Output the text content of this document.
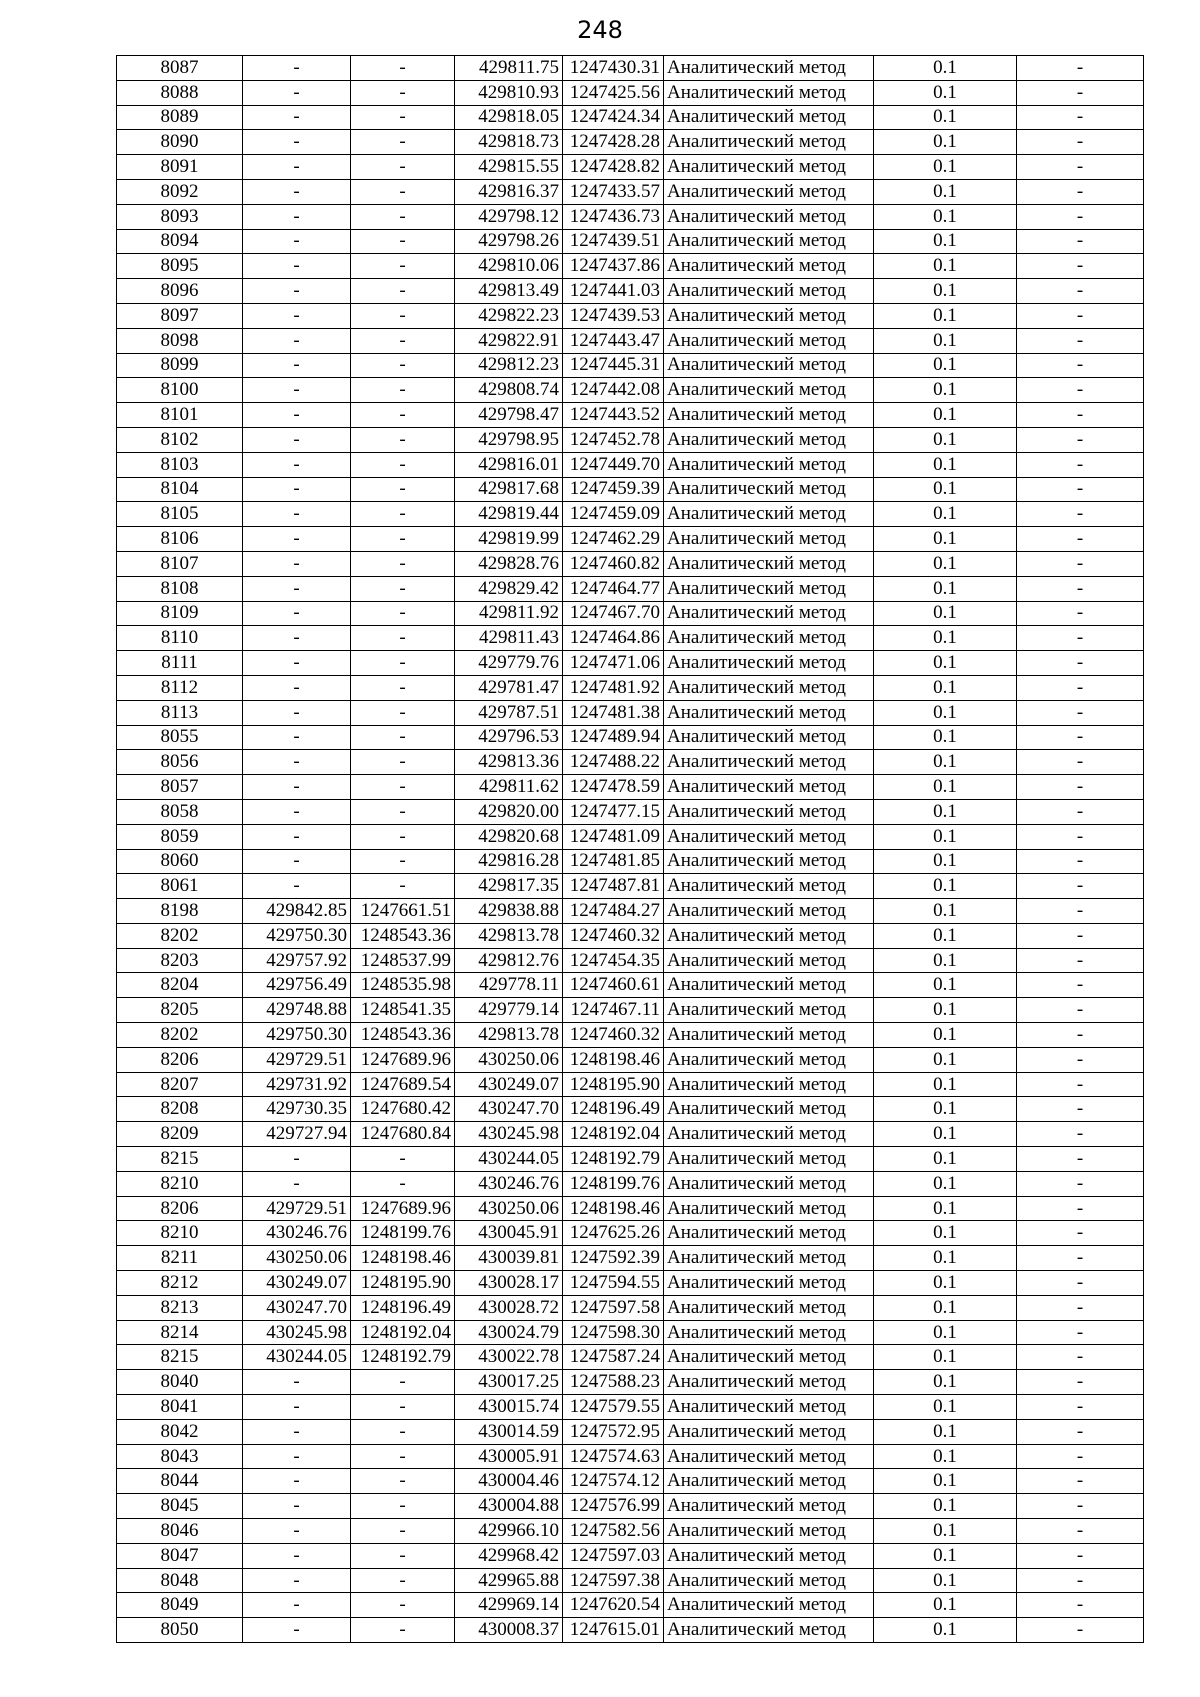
248
8087	-	-	429811.75	1247430.31	Аналитический метод	0.1	-
8088	-	-	429810.93	1247425.56	Аналитический метод	0.1	-
8089	-	-	429818.05	1247424.34	Аналитический метод	0.1	-
8090	-	-	429818.73	1247428.28	Аналитический метод	0.1	-
8091	-	-	429815.55	1247428.82	Аналитический метод	0.1	-
8092	-	-	429816.37	1247433.57	Аналитический метод	0.1	-
8093	-	-	429798.12	1247436.73	Аналитический метод	0.1	-
8094	-	-	429798.26	1247439.51	Аналитический метод	0.1	-
8095	-	-	429810.06	1247437.86	Аналитический метод	0.1	-
8096	-	-	429813.49	1247441.03	Аналитический метод	0.1	-
8097	-	-	429822.23	1247439.53	Аналитический метод	0.1	-
8098	-	-	429822.91	1247443.47	Аналитический метод	0.1	-
8099	-	-	429812.23	1247445.31	Аналитический метод	0.1	-
8100	-	-	429808.74	1247442.08	Аналитический метод	0.1	-
8101	-	-	429798.47	1247443.52	Аналитический метод	0.1	-
8102	-	-	429798.95	1247452.78	Аналитический метод	0.1	-
8103	-	-	429816.01	1247449.70	Аналитический метод	0.1	-
8104	-	-	429817.68	1247459.39	Аналитический метод	0.1	-
8105	-	-	429819.44	1247459.09	Аналитический метод	0.1	-
8106	-	-	429819.99	1247462.29	Аналитический метод	0.1	-
8107	-	-	429828.76	1247460.82	Аналитический метод	0.1	-
8108	-	-	429829.42	1247464.77	Аналитический метод	0.1	-
8109	-	-	429811.92	1247467.70	Аналитический метод	0.1	-
8110	-	-	429811.43	1247464.86	Аналитический метод	0.1	-
8111	-	-	429779.76	1247471.06	Аналитический метод	0.1	-
8112	-	-	429781.47	1247481.92	Аналитический метод	0.1	-
8113	-	-	429787.51	1247481.38	Аналитический метод	0.1	-
8055	-	-	429796.53	1247489.94	Аналитический метод	0.1	-
8056	-	-	429813.36	1247488.22	Аналитический метод	0.1	-
8057	-	-	429811.62	1247478.59	Аналитический метод	0.1	-
8058	-	-	429820.00	1247477.15	Аналитический метод	0.1	-
8059	-	-	429820.68	1247481.09	Аналитический метод	0.1	-
8060	-	-	429816.28	1247481.85	Аналитический метод	0.1	-
8061	-	-	429817.35	1247487.81	Аналитический метод	0.1	-
8198	429842.85	1247661.51	429838.88	1247484.27	Аналитический метод	0.1	-
8202	429750.30	1248543.36	429813.78	1247460.32	Аналитический метод	0.1	-
8203	429757.92	1248537.99	429812.76	1247454.35	Аналитический метод	0.1	-
8204	429756.49	1248535.98	429778.11	1247460.61	Аналитический метод	0.1	-
8205	429748.88	1248541.35	429779.14	1247467.11	Аналитический метод	0.1	-
8202	429750.30	1248543.36	429813.78	1247460.32	Аналитический метод	0.1	-
8206	429729.51	1247689.96	430250.06	1248198.46	Аналитический метод	0.1	-
8207	429731.92	1247689.54	430249.07	1248195.90	Аналитический метод	0.1	-
8208	429730.35	1247680.42	430247.70	1248196.49	Аналитический метод	0.1	-
8209	429727.94	1247680.84	430245.98	1248192.04	Аналитический метод	0.1	-
8215	-	-	430244.05	1248192.79	Аналитический метод	0.1	-
8210	-	-	430246.76	1248199.76	Аналитический метод	0.1	-
8206	429729.51	1247689.96	430250.06	1248198.46	Аналитический метод	0.1	-
8210	430246.76	1248199.76	430045.91	1247625.26	Аналитический метод	0.1	-
8211	430250.06	1248198.46	430039.81	1247592.39	Аналитический метод	0.1	-
8212	430249.07	1248195.90	430028.17	1247594.55	Аналитический метод	0.1	-
8213	430247.70	1248196.49	430028.72	1247597.58	Аналитический метод	0.1	-
8214	430245.98	1248192.04	430024.79	1247598.30	Аналитический метод	0.1	-
8215	430244.05	1248192.79	430022.78	1247587.24	Аналитический метод	0.1	-
8040	-	-	430017.25	1247588.23	Аналитический метод	0.1	-
8041	-	-	430015.74	1247579.55	Аналитический метод	0.1	-
8042	-	-	430014.59	1247572.95	Аналитический метод	0.1	-
8043	-	-	430005.91	1247574.63	Аналитический метод	0.1	-
8044	-	-	430004.46	1247574.12	Аналитический метод	0.1	-
8045	-	-	430004.88	1247576.99	Аналитический метод	0.1	-
8046	-	-	429966.10	1247582.56	Аналитический метод	0.1	-
8047	-	-	429968.42	1247597.03	Аналитический метод	0.1	-
8048	-	-	429965.88	1247597.38	Аналитический метод	0.1	-
8049	-	-	429969.14	1247620.54	Аналитический метод	0.1	-
8050	-	-	430008.37	1247615.01	Аналитический метод	0.1	-
